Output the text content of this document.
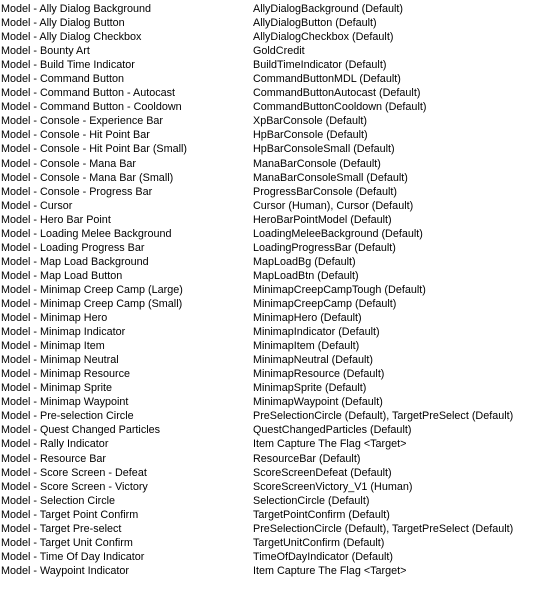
Model - Ally Dialog Background	AllyDialogBackground (Default)
Model - Ally Dialog Button	AllyDialogButton (Default)
Model - Ally Dialog Checkbox	AllyDialogCheckbox (Default)
Model - Bounty Art	GoldCredit
Model - Build Time Indicator	BuildTimeIndicator (Default)
Model - Command Button	CommandButtonMDL (Default)
Model - Command Button - Autocast	CommandButtonAutocast (Default)
Model - Command Button - Cooldown	CommandButtonCooldown (Default)
Model - Console - Experience Bar	XpBarConsole (Default)
Model - Console - Hit Point Bar	HpBarConsole (Default)
Model - Console - Hit Point Bar (Small)	HpBarConsoleSmall (Default)
Model - Console - Mana Bar	ManaBarConsole (Default)
Model - Console - Mana Bar (Small)	ManaBarConsoleSmall (Default)
Model - Console - Progress Bar	ProgressBarConsole (Default)
Model - Cursor	Cursor (Human), Cursor (Default)
Model - Hero Bar Point	HeroBarPointModel (Default)
Model - Loading Melee Background	LoadingMeleeBackground (Default)
Model - Loading Progress Bar	LoadingProgressBar (Default)
Model - Map Load Background	MapLoadBg (Default)
Model - Map Load Button	MapLoadBtn (Default)
Model - Minimap Creep Camp (Large)	MinimapCreepCampTough (Default)
Model - Minimap Creep Camp (Small)	MinimapCreepCamp (Default)
Model - Minimap Hero	MinimapHero (Default)
Model - Minimap Indicator	MinimapIndicator (Default)
Model - Minimap Item	MinimapItem (Default)
Model - Minimap Neutral	MinimapNeutral (Default)
Model - Minimap Resource	MinimapResource (Default)
Model - Minimap Sprite	MinimapSprite (Default)
Model - Minimap Waypoint	MinimapWaypoint (Default)
Model - Pre-selection Circle	PreSelectionCircle (Default), TargetPreSelect (Default)
Model - Quest Changed Particles	QuestChangedParticles (Default)
Model - Rally Indicator	Item Capture The Flag <Target>
Model - Resource Bar	ResourceBar (Default)
Model - Score Screen - Defeat	ScoreScreenDefeat (Default)
Model - Score Screen - Victory	ScoreScreenVictory_V1 (Human)
Model - Selection Circle	SelectionCircle (Default)
Model - Target Point Confirm	TargetPointConfirm (Default)
Model - Target Pre-select	PreSelectionCircle (Default), TargetPreSelect (Default)
Model - Target Unit Confirm	TargetUnitConfirm (Default)
Model - Time Of Day Indicator	TimeOfDayIndicator (Default)
Model - Waypoint Indicator	Item Capture The Flag <Target>
